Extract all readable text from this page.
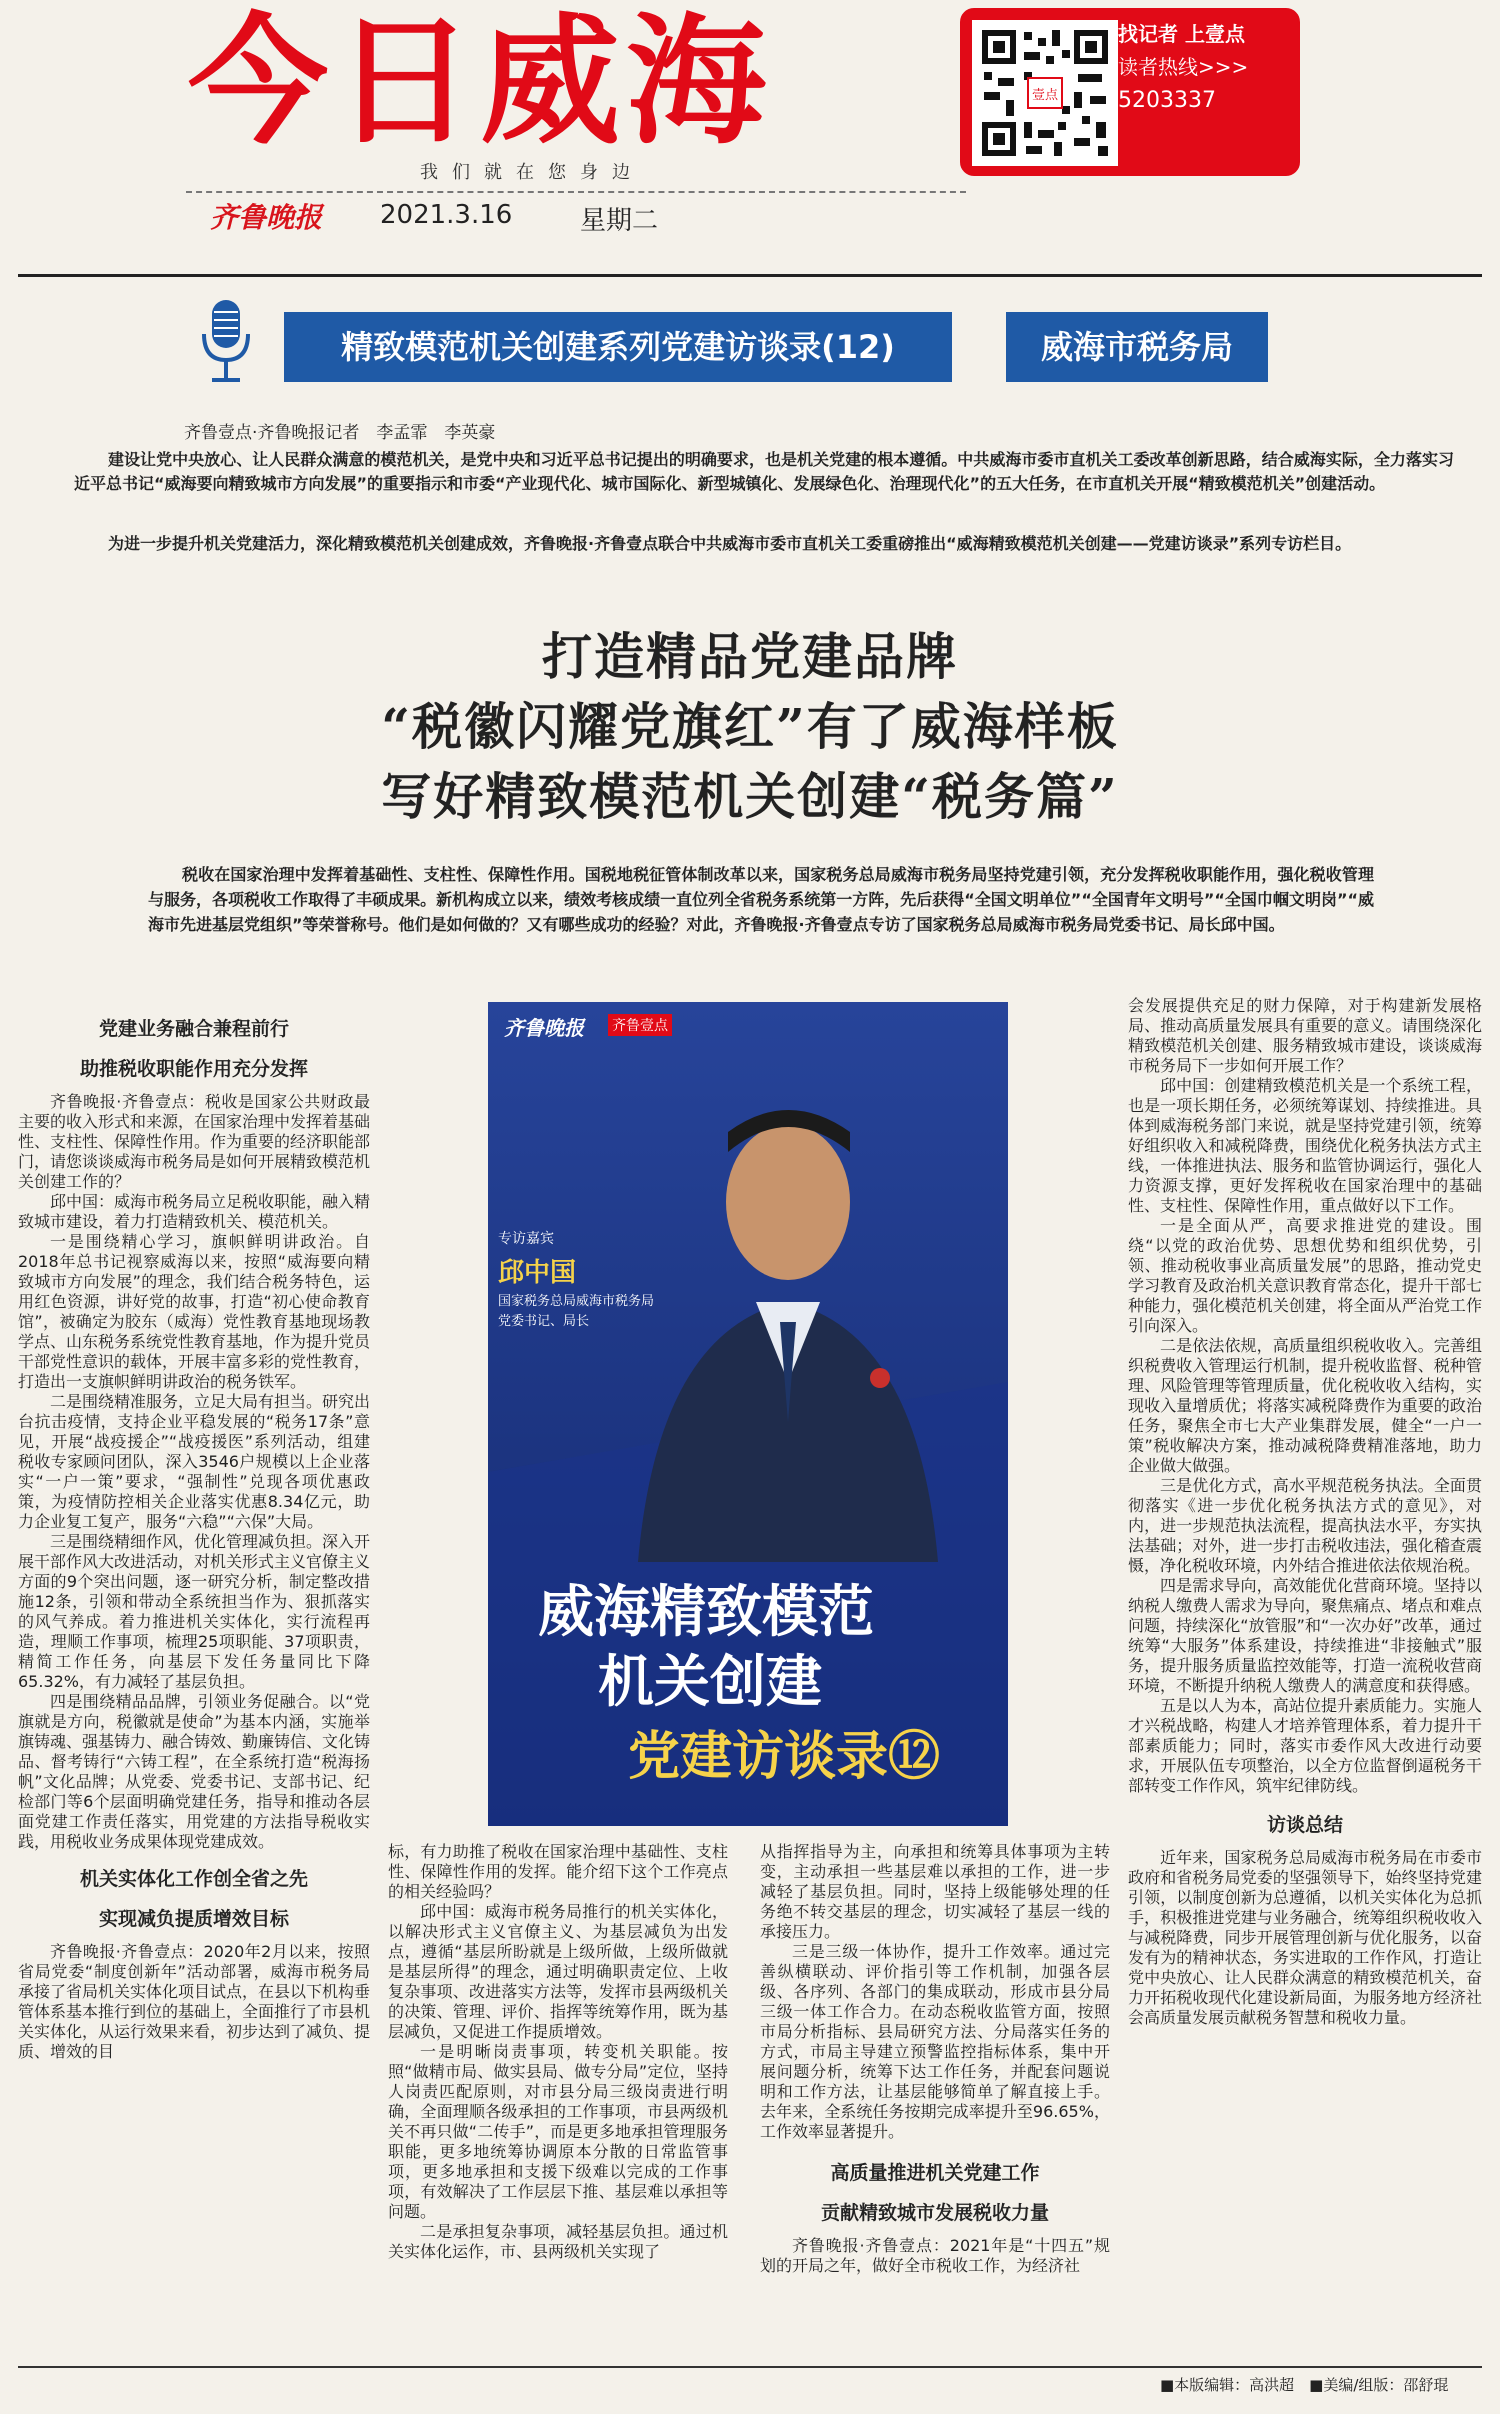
今日威海
我们就在您身边
齐鲁晚报 2021.3.16	星期二
壹点
找记者 上壹点
读者热线>>>
5203337
精致模范机关创建系列党建访谈录(12)	威海市税务局
齐鲁壹点·齐鲁晚报记者　李孟霏　李英豪
建设让党中央放心、让人民群众满意的模范机关，是党中央和习近平总书记提出的明确要求，也是机关党建的根本遵循。中共威海市委市直机关工委改革创新思路，结合威海实际，全力落实习近平总书记“威海要向精致城市方向发展”的重要指示和市委“产业现代化、城市国际化、新型城镇化、发展绿色化、治理现代化”的五大任务，在市直机关开展“精致模范机关”创建活动。
为进一步提升机关党建活力，深化精致模范机关创建成效，齐鲁晚报·齐鲁壹点联合中共威海市委市直机关工委重磅推出“威海精致模范机关创建——党建访谈录”系列专访栏目。
打造精品党建品牌
“税徽闪耀党旗红”有了威海样板
写好精致模范机关创建“税务篇”
税收在国家治理中发挥着基础性、支柱性、保障性作用。国税地税征管体制改革以来，国家税务总局威海市税务局坚持党建引领，充分发挥税收职能作用，强化税收管理与服务，各项税收工作取得了丰硕成果。新机构成立以来，绩效考核成绩一直位列全省税务系统第一方阵，先后获得“全国文明单位”“全国青年文明号”“全国巾帼文明岗”“威海市先进基层党组织”等荣誉称号。他们是如何做的？又有哪些成功的经验？对此，齐鲁晚报·齐鲁壹点专访了国家税务总局威海市税务局党委书记、局长邱中国。
齐鲁晚报 齐鲁壹点
专访嘉宾
邱中国
国家税务总局威海市税务局
党委书记、局长
威海精致模范
机关创建
党建访谈录⑫

党建业务融合兼程前行

助推税收职能作用充分发挥

齐鲁晚报·齐鲁壹点：税收是国家公共财政最主要的收入形式和来源，在国家治理中发挥着基础性、支柱性、保障性作用。作为重要的经济职能部门，请您谈谈威海市税务局是如何开展精致模范机关创建工作的？

邱中国：威海市税务局立足税收职能，融入精致城市建设，着力打造精致机关、模范机关。

一是围绕精心学习，旗帜鲜明讲政治。自2018年总书记视察威海以来，按照“威海要向精致城市方向发展”的理念，我们结合税务特色，运用红色资源，讲好党的故事，打造“初心使命教育馆”，被确定为胶东（威海）党性教育基地现场教学点、山东税务系统党性教育基地，作为提升党员干部党性意识的载体，开展丰富多彩的党性教育，打造出一支旗帜鲜明讲政治的税务铁军。

二是围绕精准服务，立足大局有担当。研究出台抗击疫情，支持企业平稳发展的“税务17条”意见，开展“战疫援企”“战疫援医”系列活动，组建税收专家顾问团队，深入3546户规模以上企业落实“一户一策”要求，“强制性”兑现各项优惠政策，为疫情防控相关企业落实优惠8.34亿元，助力企业复工复产，服务“六稳”“六保”大局。

三是围绕精细作风，优化管理减负担。深入开展干部作风大改进活动，对机关形式主义官僚主义方面的9个突出问题，逐一研究分析，制定整改措施12条，引领和带动全系统担当作为、狠抓落实的风气养成。着力推进机关实体化，实行流程再造，理顺工作事项，梳理25项职能、37项职责，精简工作任务，向基层下发任务量同比下降65.32%，有力减轻了基层负担。

四是围绕精品品牌，引领业务促融合。以“党旗就是方向，税徽就是使命”为基本内涵，实施举旗铸魂、强基铸力、融合铸效、勤廉铸信、文化铸品、督考铸行“六铸工程”，在全系统打造“税海扬帆”文化品牌；从党委、党委书记、支部书记、纪检部门等6个层面明确党建任务，指导和推动各层面党建工作责任落实，用党建的方法指导税收实践，用税收业务成果体现党建成效。

机关实体化工作创全省之先

实现减负提质增效目标

齐鲁晚报·齐鲁壹点：2020年2月以来，按照省局党委“制度创新年”活动部署，威海市税务局承接了省局机关实体化项目试点，在县以下机构垂管体系基本推行到位的基础上，全面推行了市县机关实体化，从运行效果来看，初步达到了减负、提质、增效的目

标，有力助推了税收在国家治理中基础性、支柱性、保障性作用的发挥。能介绍下这个工作亮点的相关经验吗？

邱中国：威海市税务局推行的机关实体化，以解决形式主义官僚主义、为基层减负为出发点，遵循“基层所盼就是上级所做，上级所做就是基层所得”的理念，通过明确职责定位、上收复杂事项、改进落实方法等，发挥市县两级机关的决策、管理、评价、指挥等统筹作用，既为基层减负，又促进工作提质增效。

一是明晰岗责事项，转变机关职能。按照“做精市局、做实县局、做专分局”定位，坚持人岗责匹配原则，对市县分局三级岗责进行明确，全面理顺各级承担的工作事项，市县两级机关不再只做“二传手”，而是更多地承担管理服务职能，更多地统筹协调原本分散的日常监管事项，更多地承担和支援下级难以完成的工作事项，有效解决了工作层层下推、基层难以承担等问题。

二是承担复杂事项，减轻基层负担。通过机关实体化运作，市、县两级机关实现了

从指挥指导为主，向承担和统筹具体事项为主转变，主动承担一些基层难以承担的工作，进一步减轻了基层负担。同时，坚持上级能够处理的任务绝不转交基层的理念，切实减轻了基层一线的承接压力。

三是三级一体协作，提升工作效率。通过完善纵横联动、评价指引等工作机制，加强各层级、各序列、各部门的集成联动，形成市县分局三级一体工作合力。在动态税收监管方面，按照市局分析指标、县局研究方法、分局落实任务的方式，市局主导建立预警监控指标体系，集中开展问题分析，统筹下达工作任务，并配套问题说明和工作方法，让基层能够简单了解直接上手。去年来，全系统任务按期完成率提升至96.65%，工作效率显著提升。

高质量推进机关党建工作

贡献精致城市发展税收力量

齐鲁晚报·齐鲁壹点：2021年是“十四五”规划的开局之年，做好全市税收工作，为经济社

会发展提供充足的财力保障，对于构建新发展格局、推动高质量发展具有重要的意义。请围绕深化精致模范机关创建、服务精致城市建设，谈谈威海市税务局下一步如何开展工作？

邱中国：创建精致模范机关是一个系统工程，也是一项长期任务，必须统筹谋划、持续推进。具体到威海税务部门来说，就是坚持党建引领，统筹好组织收入和减税降费，围绕优化税务执法方式主线，一体推进执法、服务和监管协调运行，强化人力资源支撑，更好发挥税收在国家治理中的基础性、支柱性、保障性作用，重点做好以下工作。

一是全面从严，高要求推进党的建设。围绕“以党的政治优势、思想优势和组织优势，引领、推动税收事业高质量发展”的思路，推动党史学习教育及政治机关意识教育常态化，提升干部七种能力，强化模范机关创建，将全面从严治党工作引向深入。

二是依法依规，高质量组织税收收入。完善组织税费收入管理运行机制，提升税收监督、税种管理、风险管理等管理质量，优化税收收入结构，实现收入量增质优；将落实减税降费作为重要的政治任务，聚焦全市七大产业集群发展，健全“一户一策”税收解决方案，推动减税降费精准落地，助力企业做大做强。

三是优化方式，高水平规范税务执法。全面贯彻落实《进一步优化税务执法方式的意见》，对内，进一步规范执法流程，提高执法水平，夯实执法基础；对外，进一步打击税收违法，强化稽查震慑，净化税收环境，内外结合推进依法依规治税。

四是需求导向，高效能优化营商环境。坚持以纳税人缴费人需求为导向，聚焦痛点、堵点和难点问题，持续深化“放管服”和“一次办好”改革，通过统筹“大服务”体系建设，持续推进“非接触式”服务，提升服务质量监控效能等，打造一流税收营商环境，不断提升纳税人缴费人的满意度和获得感。

五是以人为本，高站位提升素质能力。实施人才兴税战略，构建人才培养管理体系，着力提升干部素质能力；同时，落实市委作风大改进行动要求，开展队伍专项整治，以全方位监督倒逼税务干部转变工作作风，筑牢纪律防线。

访谈总结

近年来，国家税务总局威海市税务局在市委市政府和省税务局党委的坚强领导下，始终坚持党建引领，以制度创新为总遵循，以机关实体化为总抓手，积极推进党建与业务融合，统筹组织税收收入与减税降费，同步开展管理创新与优化服务，以奋发有为的精神状态，务实进取的工作作风，打造让党中央放心、让人民群众满意的精致模范机关，奋力开拓税收现代化建设新局面，为服务地方经济社会高质量发展贡献税务智慧和税收力量。

■本版编辑：高洪超　■美编/组版：邵舒琨
